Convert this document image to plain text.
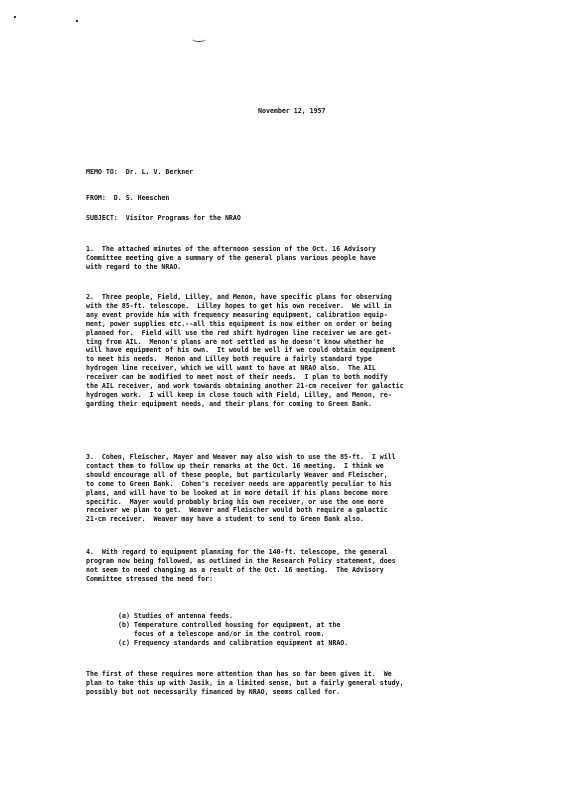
November 12, 1957
MEMO TO:  Dr. L. V. Berkner
FROM:  D. S. Heeschen
SUBJECT:  Visitor Programs for the NRAO
1.  The attached minutes of the afternoon session of the Oct. 16 Advisory
Committee meeting give a summary of the general plans various people have
with regard to the NRAO.
2.  Three people, Field, Lilley, and Menon, have specific plans for observing
with the 85-ft. telescope.  Lilley hopes to get his own receiver.  We will in
any event provide him with frequency measuring equipment, calibration equip-
ment, power supplies etc.--all this equipment is now either on order or being
planned for.  Field will use the red shift hydrogen line receiver we are get-
ting from AIL.  Menon's plans are not settled as he doesn't know whether he
will have equipment of his own.  It would be well if we could obtain equipment
to meet his needs.  Menon and Lilley both require a fairly standard type
hydrogen line receiver, which we will want to have at NRAO also.  The AIL
receiver can be modified to meet most of their needs.  I plan to both modify
the AIL receiver, and work towards obtaining another 21-cm receiver for galactic
hydrogen work.  I will keep in close touch with Field, Lilley, and Menon, re-
garding their equipment needs, and their plans for coming to Green Bank.
3.  Cohen, Fleischer, Mayer and Weaver may also wish to use the 85-ft.  I will
contact them to follow up their remarks at the Oct. 16 meeting.  I think we
should encourage all of these people, but particularly Weaver and Fleischer,
to come to Green Bank.  Cohen's receiver needs are apparently peculiar to his
plans, and will have to be looked at in more detail if his plans become more
specific.  Mayer would probably bring his own receiver, or use the one more
receiver we plan to get.  Weaver and Fleischer would both require a galactic
21-cm receiver.  Weaver may have a student to send to Green Bank also.
4.  With regard to equipment planning for the 140-ft. telescope, the general
program now being followed, as outlined in the Research Policy statement, does
not seem to need changing as a result of the Oct. 16 meeting.  The Advisory
Committee stressed the need for:
(a) Studies of antenna feeds.
(b) Temperature controlled housing for equipment, at the
focus of a telescope and/or in the control room.
(c) Frequency standards and calibration equipment at NRAO.
The first of these requires more attention than has so far been given it.  We
plan to take this up with Jasik, in a limited sense, but a fairly general study,
possibly but not necessarily financed by NRAO, seems called for.
